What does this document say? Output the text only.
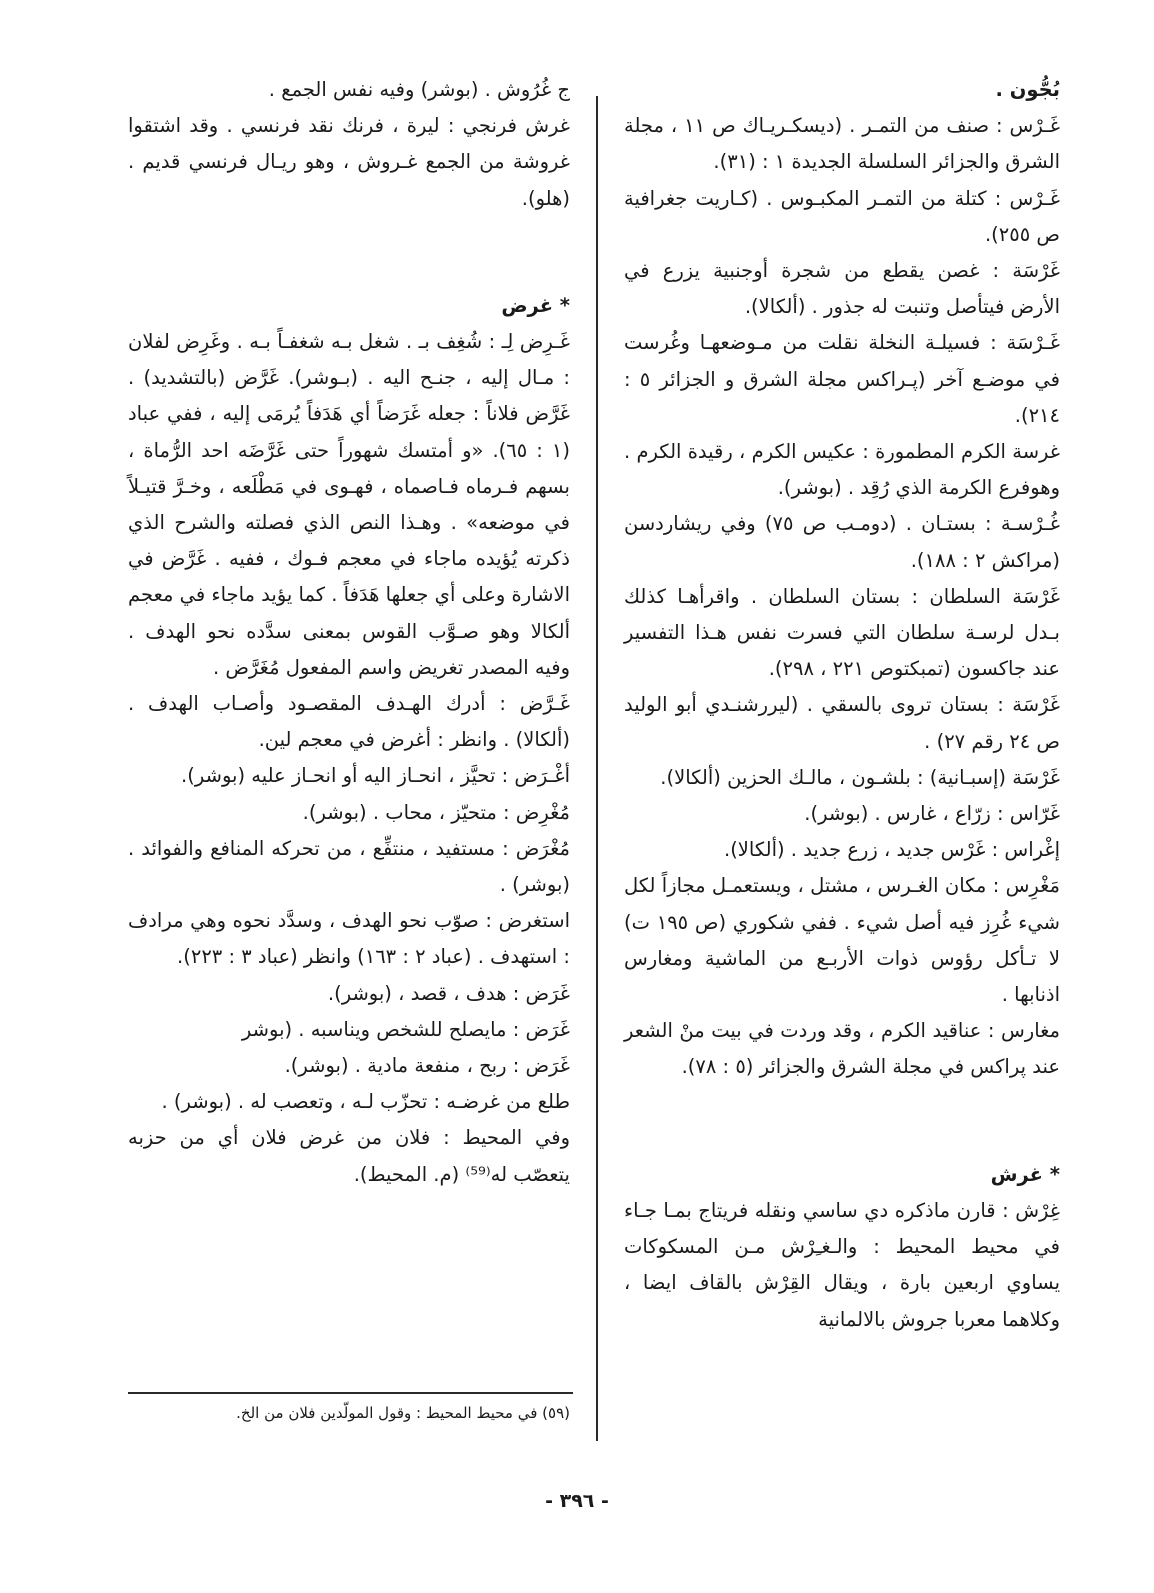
بُجُّون .

غَـرْس : صنف من التمـر . (ديسكـريـاك ص ١١ ، مجلة الشرق والجزائر السلسلة الجديدة ١ : (٣١).

غَـرْس : كتلة من التمـر المكبـوس . (كـاريت جغرافية ص ٢٥٥).

غَرْسَة : غصن يقطع من شجرة أوجنبية يزرع في الأرض فيتأصل وتنبت له جذور . (ألكالا).

غَـرْسَة : فسيلـة النخلة نقلت من مـوضعهـا وغُرست في موضـع آخر (پـراكس مجلة الشرق و الجزائر ٥ : ٢١٤).

غرسة الكرم المطمورة : عكيس الكرم ، رقيدة الكرم . وهوفرع الكرمة الذي رُقِد . (بوشر).

غُـرْسـة : بستـان . (دومـب ص ٧٥) وفي ريشاردسن (مراكش ٢ : ١٨٨).

غَرْسَة السلطان : بستان السلطان . واقرأهـا كذلك بـدل لرسـة سلطان التي فسرت نفس هـذا التفسير عند جاكسون (تمبكتوص ٢٢١ ، ٢٩٨).

غَرْسَة : بستان تروى بالسقي . (ليررشنـدي أبو الوليد ص ٢٤ رقم ٢٧) .

غَرْسَة (إسبـانية) : بلشـون ، مالـك الحزين (ألكالا).

غَرّاس : زرّاع ، غارس . (بوشر).

إغْراس : غَرْس جديد ، زرع جديد . (ألكالا).

مَغْرِس : مكان الغـرس ، مشتل ، ويستعمـل مجازاً لكل شيء غُرِز فيه أصل شيء . ففي شكوري (ص ١٩٥ ت) لا تـأكل رؤوس ذوات الأربـع من الماشية ومغارس اذنابها .

مغارس : عناقيد الكرم ، وقد وردت في بيت منْ الشعر عند پراكس في مجلة الشرق والجزائر (٥ : ٧٨).

* غرش

غِرْش : قارن ماذكره دي ساسي ونقله فريتاج بمـا جـاء في محيط المحيط : والـغـِرْش مـن المسكوكات يساوي اربعين بارة ، ويقال القِرْش بالقاف ايضا ، وكلاهما معربا جروش بالالمانية

ج غُرُوش . (بوشر) وفيه نفس الجمع .

غرش فرنجي : ليرة ، فرنك نقد فرنسي . وقد اشتقوا غروشة من الجمع غـروش ، وهو ريـال فرنسي قديم . (هلو).

* غرض

غَـرِض لِـ : شُغِف بـ . شغل بـه شغفـاً بـه . وغَرِض لفلان : مـال إليه ، جنـح اليه . (بـوشر). غَرَّض (بالتشديد) . غَرَّض فلاناً : جعله غَرَضاً أي هَدَفاً يُرمَى إليه ، ففي عباد (١ : ٦٥). «و أمتسك شهوراً حتى غَرَّضَه احد الرُّماة ، بسهم فـرماه فـاصماه ، فهـوى في مَطْلَعه ، وخـرَّ قتيـلاً في موضعه» . وهـذا النص الذي فصلته والشرح الذي ذكرته يُؤيده ماجاء في معجم فـوك ، ففيه . غَرَّض في الاشارة وعلى أي جعلها هَدَفاً . كما يؤيد ماجاء في معجم ألكالا وهو صـوَّب القوس بمعنى سدَّده نحو الهدف . وفيه المصدر تغريض واسم المفعول مُغَرَّض .

غَـرَّض : أدرك الهـدف المقصـود وأصـاب الهدف . (ألكالا) . وانظر : أغرض في معجم لين.

أغْـرَض : تحيَّز ، انحـاز اليه أو انحـاز عليه (بوشر).

مُغْرِض : متحيّز ، محاب . (بوشر).

مُغْرَض : مستفيد ، منتفِّع ، من تحركه المنافع والفوائد . (بوشر) .

استغرض : صوّب نحو الهدف ، وسدَّد نحوه وهي مرادف : استهدف . (عباد ٢ : ١٦٣) وانظر (عباد ٣ : ٢٢٣).

غَرَض : هدف ، قصد ، (بوشر).

غَرَض : مايصلح للشخص ويناسبه . (بوشر

غَرَض : ربح ، منفعة مادية . (بوشر).

طلع من غرضـه : تحزّب لـه ، وتعصب له . (بوشر) .

وفي المحيط : فلان من غرض فلان أي من حزبه يتعصّب له⁽⁵⁹⁾ (م. المحيط).

(٥٩) في محيط المحيط : وقول المولّدين فلان من الخ.
- ٣٩٦ -
